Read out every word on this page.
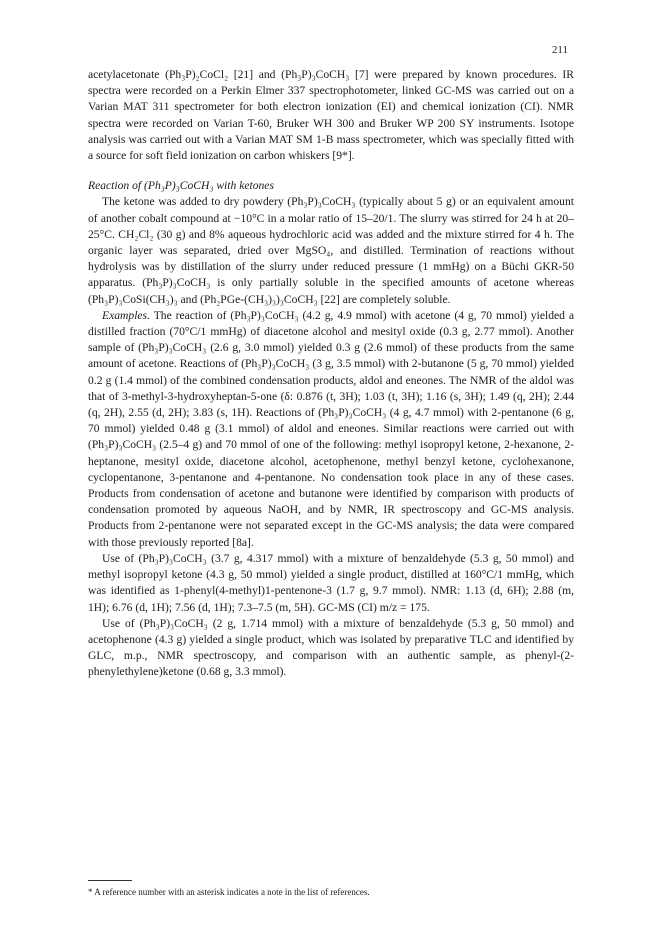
211

acetylacetonate (Ph₃P)₂CoCl₂ [21] and (Ph₃P)₃CoCH₃ [7] were prepared by known procedures. IR spectra were recorded on a Perkin Elmer 337 spectrophotometer, linked GC-MS was carried out on a Varian MAT 311 spectrometer for both electron ionization (EI) and chemical ionization (CI). NMR spectra were recorded on Varian T-60, Bruker WH 300 and Bruker WP 200 SY instruments. Isotope analysis was carried out with a Varian MAT SM 1-B mass spectrometer, which was specially fitted with a source for soft field ionization on carbon whiskers [9*].

Reaction of (Ph₃P)₃CoCH₃ with ketones

The ketone was added to dry powdery (Ph₃P)₃CoCH₃ (typically about 5 g) or an equivalent amount of another cobalt compound at −10°C in a molar ratio of 15–20/1. The slurry was stirred for 24 h at 20–25°C. CH₂Cl₂ (30 g) and 8% aqueous hydrochloric acid was added and the mixture stirred for 4 h. The organic layer was separated, dried over MgSO₄, and distilled. Termination of reactions without hydrolysis was by distillation of the slurry under reduced pressure (1 mmHg) on a Büchi GKR-50 apparatus. (Ph₃P)₃CoCH₃ is only partially soluble in the specified amounts of acetone whereas (Ph₃P)₃CoSi(CH₃)₃ and (Ph₂PGe-(CH₃)₃)₃CoCH₃ [22] are completely soluble.

Examples. The reaction of (Ph₃P)₃CoCH₃ (4.2 g, 4.9 mmol) with acetone (4 g, 70 mmol) yielded a distilled fraction (70°C/1 mmHg) of diacetone alcohol and mesityl oxide (0.3 g, 2.77 mmol). Another sample of (Ph₃P)₃CoCH₃ (2.6 g, 3.0 mmol) yielded 0.3 g (2.6 mmol) of these products from the same amount of acetone. Reactions of (Ph₃P)₃CoCH₃ (3 g, 3.5 mmol) with 2-butanone (5 g, 70 mmol) yielded 0.2 g (1.4 mmol) of the combined condensation products, aldol and eneones. The NMR of the aldol was that of 3-methyl-3-hydroxyheptan-5-one (δ: 0.876 (t, 3H); 1.03 (t, 3H); 1.16 (s, 3H); 1.49 (q, 2H); 2.44 (q, 2H), 2.55 (d, 2H); 3.83 (s, 1H). Reactions of (Ph₃P)₃CoCH₃ (4 g, 4.7 mmol) with 2-pentanone (6 g, 70 mmol) yielded 0.48 g (3.1 mmol) of aldol and eneones. Similar reactions were carried out with (Ph₃P)₃CoCH₃ (2.5–4 g) and 70 mmol of one of the following: methyl isopropyl ketone, 2-hexanone, 2-heptanone, mesityl oxide, diacetone alcohol, acetophenone, methyl benzyl ketone, cyclohexanone, cyclopentanone, 3-pentanone and 4-pentanone. No condensation took place in any of these cases. Products from condensation of acetone and butanone were identified by comparison with products of condensation promoted by aqueous NaOH, and by NMR, IR spectroscopy and GC-MS analysis. Products from 2-pentanone were not separated except in the GC-MS analysis; the data were compared with those previously reported [8a].

Use of (Ph₃P)₃CoCH₃ (3.7 g, 4.317 mmol) with a mixture of benzaldehyde (5.3 g, 50 mmol) and methyl isopropyl ketone (4.3 g, 50 mmol) yielded a single product, distilled at 160°C/1 mmHg, which was identified as 1-phenyl(4-methyl)1-pentenone-3 (1.7 g, 9.7 mmol). NMR: 1.13 (d, 6H); 2.88 (m, 1H); 6.76 (d, 1H); 7.56 (d, 1H); 7.3–7.5 (m, 5H). GC-MS (CI) m/z = 175.

Use of (Ph₃P)₃CoCH₃ (2 g, 1.714 mmol) with a mixture of benzaldehyde (5.3 g, 50 mmol) and acetophenone (4.3 g) yielded a single product, which was isolated by preparative TLC and identified by GLC, m.p., NMR spectroscopy, and comparison with an authentic sample, as phenyl-(2-phenylethylene)ketone (0.68 g, 3.3 mmol).

* A reference number with an asterisk indicates a note in the list of references.
